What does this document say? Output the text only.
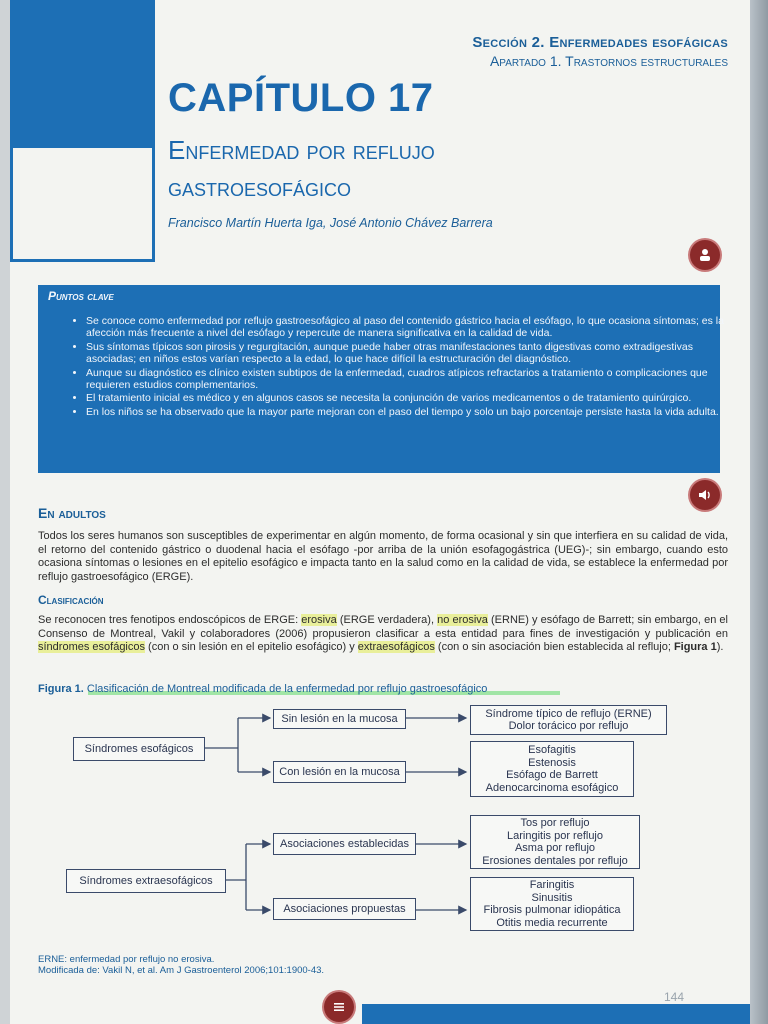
Sección 2. Enfermedades esofágicas
Apartado 1. Trastornos estructurales
CAPÍTULO 17
Enfermedad por reflujo
gastroesofágico
Francisco Martín Huerta Iga, José Antonio Chávez Barrera
Puntos clave
• Se conoce como enfermedad por reflujo gastroesofágico al paso del contenido gástrico hacia el esófago, lo que ocasiona síntomas; es la afección más frecuente a nivel del esófago y repercute de manera significativa en la calidad de vida.
• Sus síntomas típicos son pirosis y regurgitación, aunque puede haber otras manifestaciones tanto digestivas como extradigestivas asociadas; en niños estos varían respecto a la edad, lo que hace difícil la estructuración del diagnóstico.
• Aunque su diagnóstico es clínico existen subtipos de la enfermedad, cuadros atípicos refractarios a tratamiento o complicaciones que requieren estudios complementarios.
• El tratamiento inicial es médico y en algunos casos se necesita la conjunción de varios medicamentos o de tratamiento quirúrgico.
• En los niños se ha observado que la mayor parte mejoran con el paso del tiempo y solo un bajo porcentaje persiste hasta la vida adulta.
En adultos
Todos los seres humanos son susceptibles de experimentar en algún momento, de forma ocasional y sin que interfiera en su calidad de vida, el retorno del contenido gástrico o duodenal hacia el esófago -por arriba de la unión esofagogástrica (UEG)-; sin embargo, cuando esto ocasiona síntomas o lesiones en el epitelio esofágico e impacta tanto en la salud como en la calidad de vida, se establece la enfermedad por reflujo gastroesofágico (ERGE).
Clasificación
Se reconocen tres fenotipos endoscópicos de ERGE: erosiva (ERGE verdadera), no erosiva (ERNE) y esófago de Barrett; sin embargo, en el Consenso de Montreal, Vakil y colaboradores (2006) propusieron clasificar a esta entidad para fines de investigación y publicación en síndromes esofágicos (con o sin lesión en el epitelio esofágico) y extraesofágicos (con o sin asociación bien establecida al reflujo; Figura 1).
Figura 1. Clasificación de Montreal modificada de la enfermedad por reflujo gastroesofágico
Síndromes esofágicos
Sin lesión en la mucosa
Con lesión en la mucosa
Síndrome típico de reflujo (ERNE)
Dolor torácico por reflujo
Esofagitis
Estenosis
Esófago de Barrett
Adenocarcinoma esofágico
Síndromes extraesofágicos
Asociaciones establecidas
Asociaciones propuestas
Tos por reflujo
Laringitis por reflujo
Asma por reflujo
Erosiones dentales por reflujo
Faringitis
Sinusitis
Fibrosis pulmonar idiopática
Otitis media recurrente
ERNE: enfermedad por reflujo no erosiva.
Modificada de: Vakil N, et al. Am J Gastroenterol 2006;101:1900-43.
144
